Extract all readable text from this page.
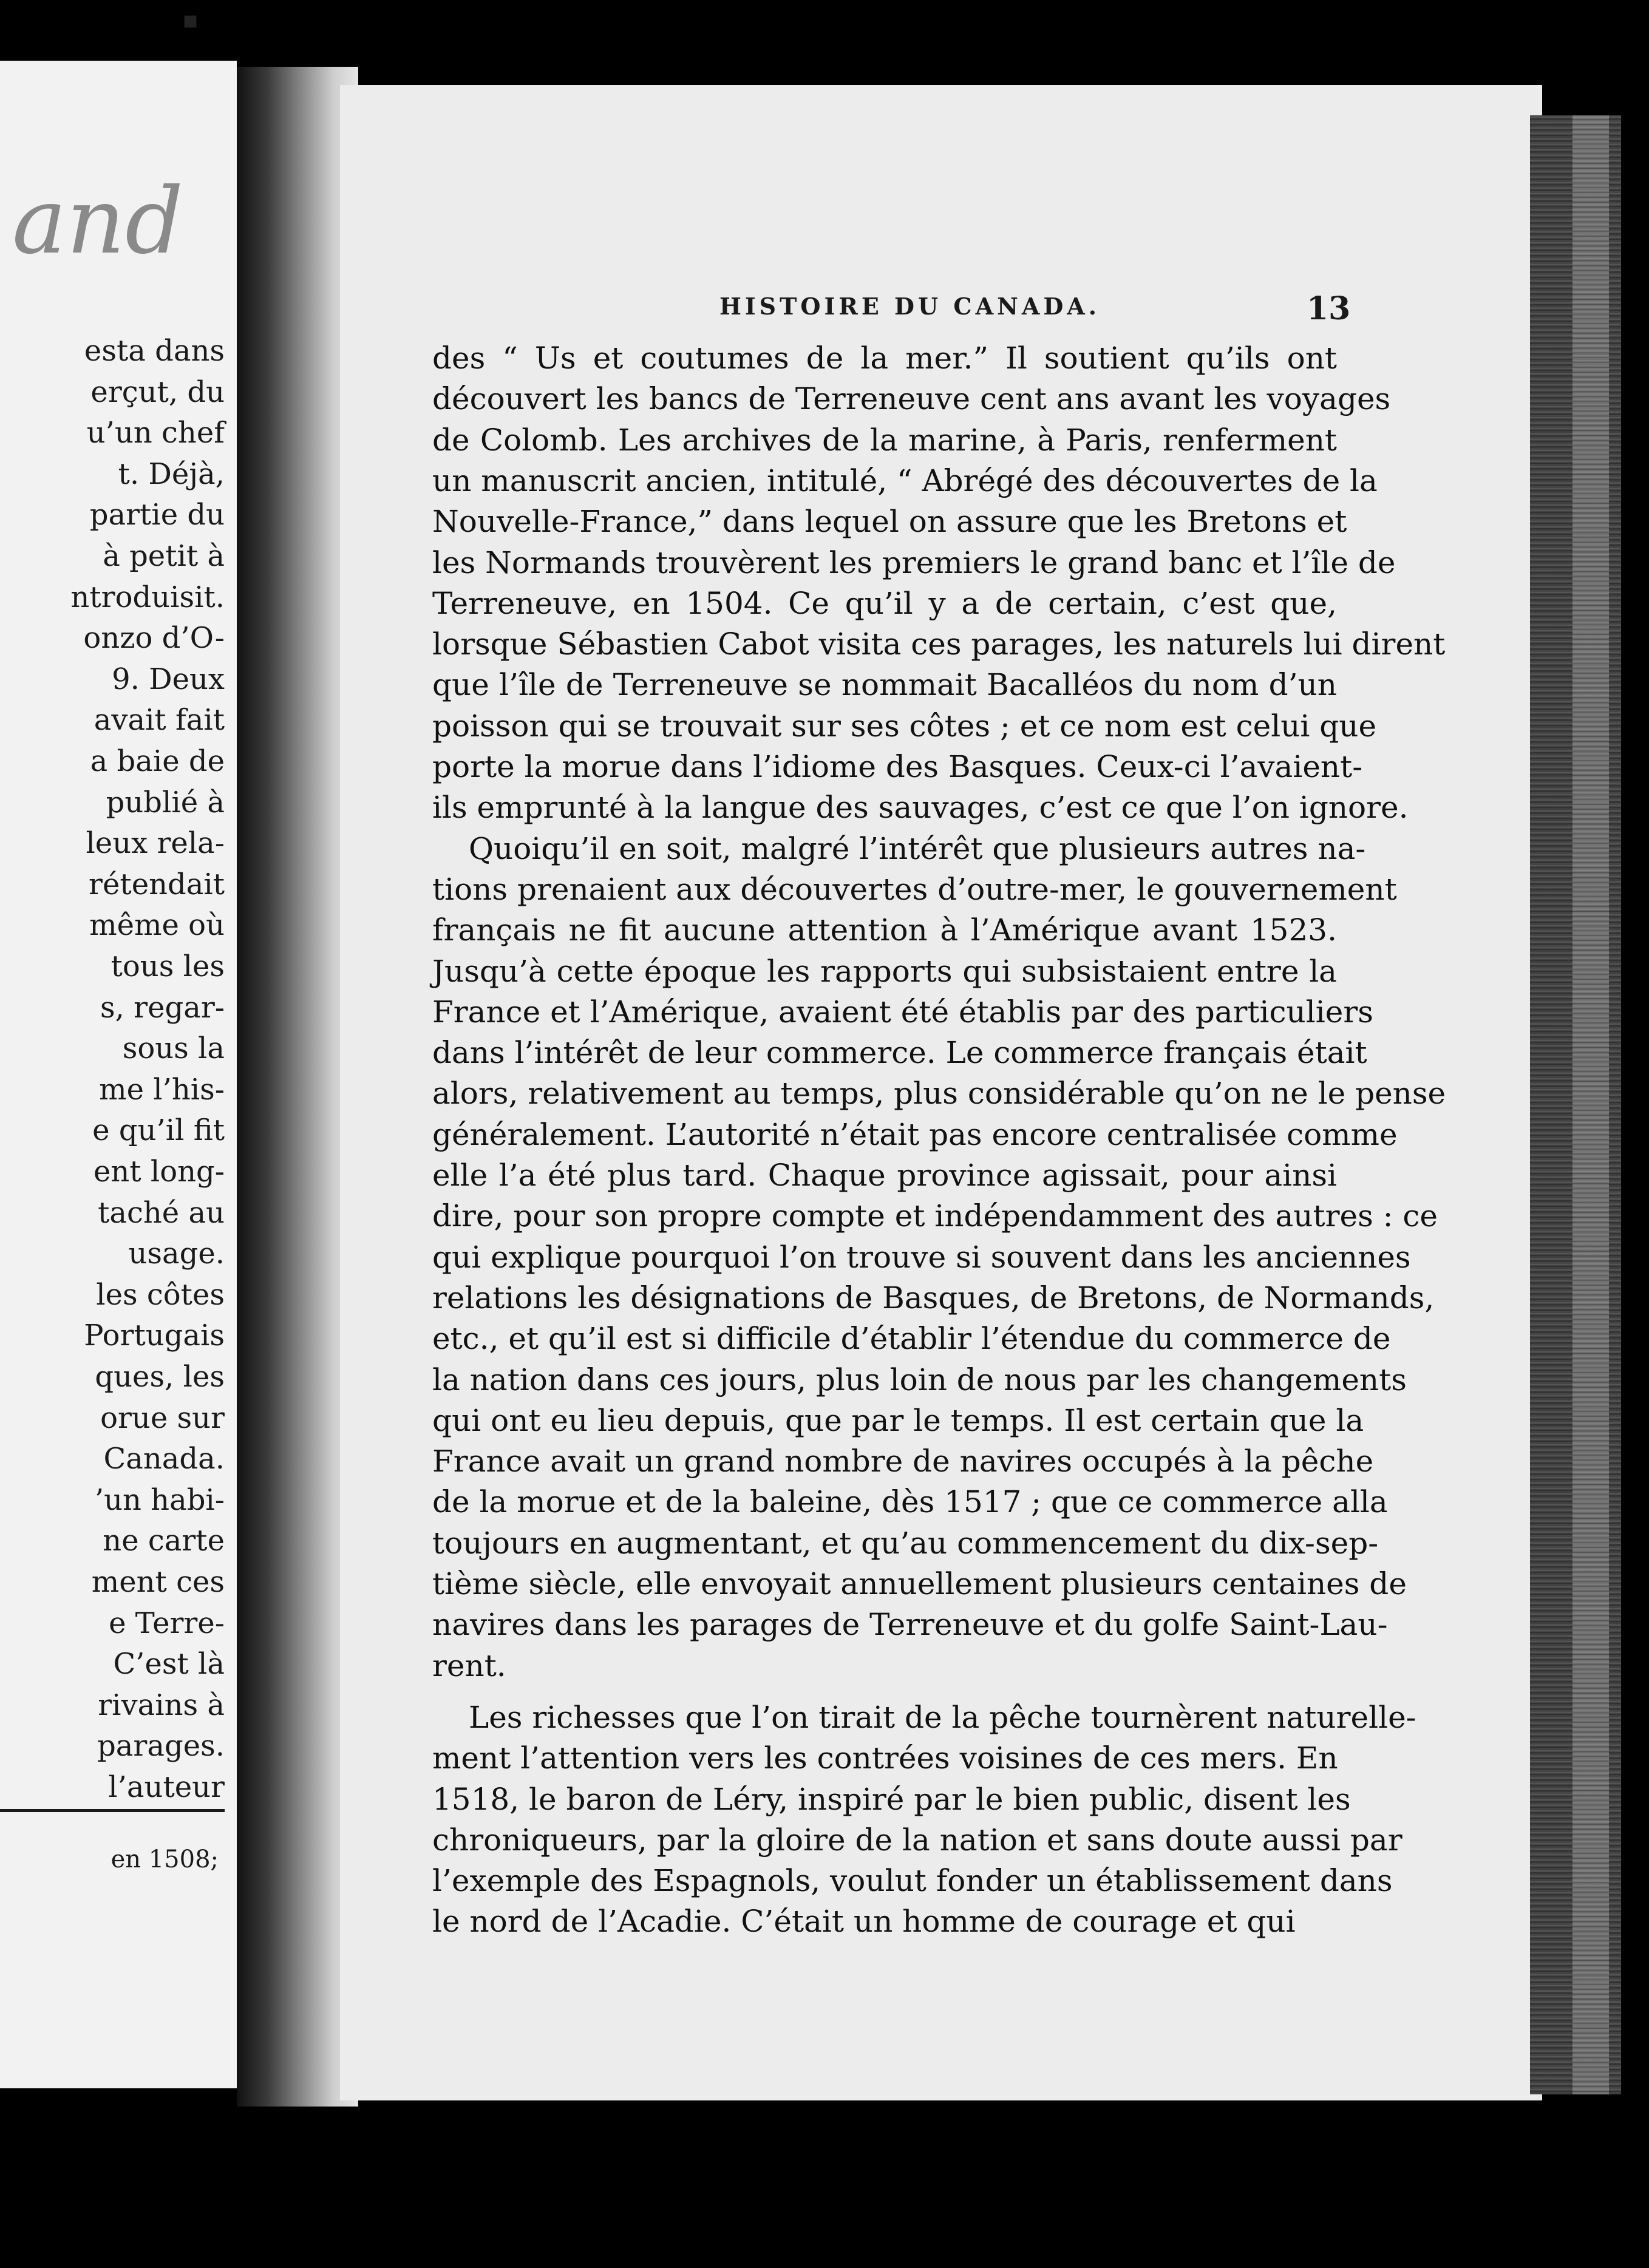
and
esta dans
erçut, du
u’un chef
t. Déjà,
partie du
à petit à
ntroduisit.
onzo d’O-
9. Deux
avait fait
a baie de
publié à
leux rela-
rétendait
même où
tous les
s, regar-
sous la
me l’his-
e qu’il fit
ent long-
taché au
usage.
les côtes
Portugais
ques, les
orue sur
Canada.
’un habi-
ne carte
ment ces
e Terre-
C’est là
rivains à
parages.
l’auteur
en 1508;
HISTOIRE DU CANADA.	13
des “ Us et coutumes de la mer.” Il soutient qu’ils ont
découvert les bancs de Terreneuve cent ans avant les voyages
de Colomb. Les archives de la marine, à Paris, renferment
un manuscrit ancien, intitulé, “ Abrégé des découvertes de la
Nouvelle-France,” dans lequel on assure que les Bretons et
les Normands trouvèrent les premiers le grand banc et l’île de
Terreneuve, en 1504. Ce qu’il y a de certain, c’est que,
lorsque Sébastien Cabot visita ces parages, les naturels lui dirent
que l’île de Terreneuve se nommait Bacalléos du nom d’un
poisson qui se trouvait sur ses côtes ; et ce nom est celui que
porte la morue dans l’idiome des Basques. Ceux-ci l’avaient-
ils emprunté à la langue des sauvages, c’est ce que l’on ignore.
Quoiqu’il en soit, malgré l’intérêt que plusieurs autres na-
tions prenaient aux découvertes d’outre-mer, le gouvernement
français ne fit aucune attention à l’Amérique avant 1523.
Jusqu’à cette époque les rapports qui subsistaient entre la
France et l’Amérique, avaient été établis par des particuliers
dans l’intérêt de leur commerce. Le commerce français était
alors, relativement au temps, plus considérable qu’on ne le pense
généralement. L’autorité n’était pas encore centralisée comme
elle l’a été plus tard. Chaque province agissait, pour ainsi
dire, pour son propre compte et indépendamment des autres : ce
qui explique pourquoi l’on trouve si souvent dans les anciennes
relations les désignations de Basques, de Bretons, de Normands,
etc., et qu’il est si difficile d’établir l’étendue du commerce de
la nation dans ces jours, plus loin de nous par les changements
qui ont eu lieu depuis, que par le temps. Il est certain que la
France avait un grand nombre de navires occupés à la pêche
de la morue et de la baleine, dès 1517 ; que ce commerce alla
toujours en augmentant, et qu’au commencement du dix-sep-
tième siècle, elle envoyait annuellement plusieurs centaines de
navires dans les parages de Terreneuve et du golfe Saint-Lau-
rent.
Les richesses que l’on tirait de la pêche tournèrent naturelle-
ment l’attention vers les contrées voisines de ces mers. En
1518, le baron de Léry, inspiré par le bien public, disent les
chroniqueurs, par la gloire de la nation et sans doute aussi par
l’exemple des Espagnols, voulut fonder un établissement dans
le nord de l’Acadie. C’était un homme de courage et qui
▪
